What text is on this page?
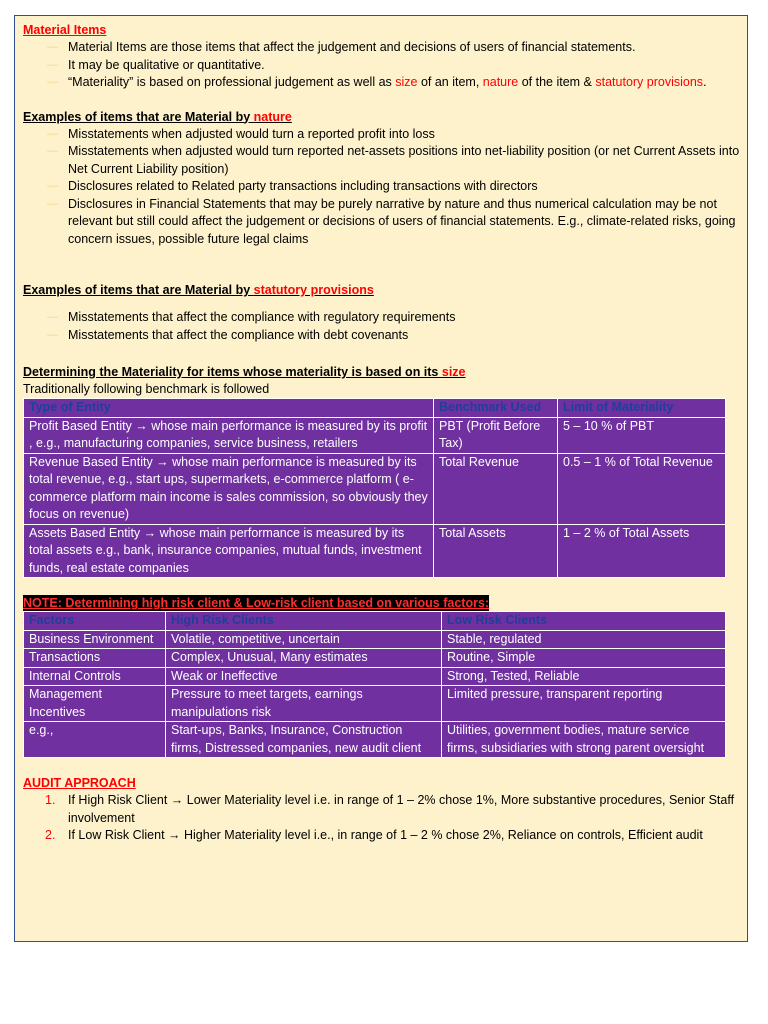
Material Items
— Material Items are those items that affect the judgement and decisions of users of financial statements.
— It may be qualitative or quantitative.
— “Materiality” is based on professional judgement as well as size of an item, nature of the item & statutory provisions.
Examples of items that are Material by nature
— Misstatements when adjusted would turn a reported profit into loss
— Misstatements when adjusted would turn reported net-assets positions into net-liability position (or net Current Assets into Net Current Liability position)
— Disclosures related to Related party transactions including transactions with directors
— Disclosures in Financial Statements that may be purely narrative by nature and thus numerical calculation may be not relevant but still could affect the judgement or decisions of users of financial statements. E.g., climate-related risks, going concern issues, possible future legal claims
Examples of items that are Material by statutory provisions
— Misstatements that affect the compliance with regulatory requirements
— Misstatements that affect the compliance with debt covenants
Determining the Materiality for items whose materiality is based on its size
Traditionally following benchmark is followed
Type of Entity	Benchmark Used	Limit of Materiality
Profit Based Entity → whose main performance is measured by its profit , e.g., manufacturing companies, service business, retailers	PBT (Profit Before Tax)	5 – 10 % of PBT
Revenue Based Entity → whose main performance is measured by its total revenue, e.g., start ups, supermarkets, e-commerce platform ( e-commerce platform main income is sales commission, so obviously they focus on revenue)	Total Revenue	0.5 – 1 % of Total Revenue
Assets Based Entity → whose main performance is measured by its total assets e.g., bank, insurance companies, mutual funds, investment funds, real estate companies	Total Assets	1 – 2 % of Total Assets
NOTE: Determining high risk client & Low-risk client based on various factors:
Factors	High Risk Clients	Low Risk Clients
Business Environment	Volatile, competitive, uncertain	Stable, regulated
Transactions	Complex, Unusual, Many estimates	Routine, Simple
Internal Controls	Weak or Ineffective	Strong, Tested, Reliable
Management Incentives	Pressure to meet targets, earnings manipulations risk	Limited pressure, transparent reporting
e.g.,	Start-ups, Banks, Insurance, Construction firms, Distressed companies, new audit client	Utilities, government bodies, mature service firms, subsidiaries with strong parent oversight
AUDIT APPROACH
1. If High Risk Client → Lower Materiality level i.e. in range of 1 – 2% chose 1%, More substantive procedures, Senior Staff involvement
2. If Low Risk Client → Higher Materiality level i.e., in range of 1 – 2 % chose 2%, Reliance on controls, Efficient audit
